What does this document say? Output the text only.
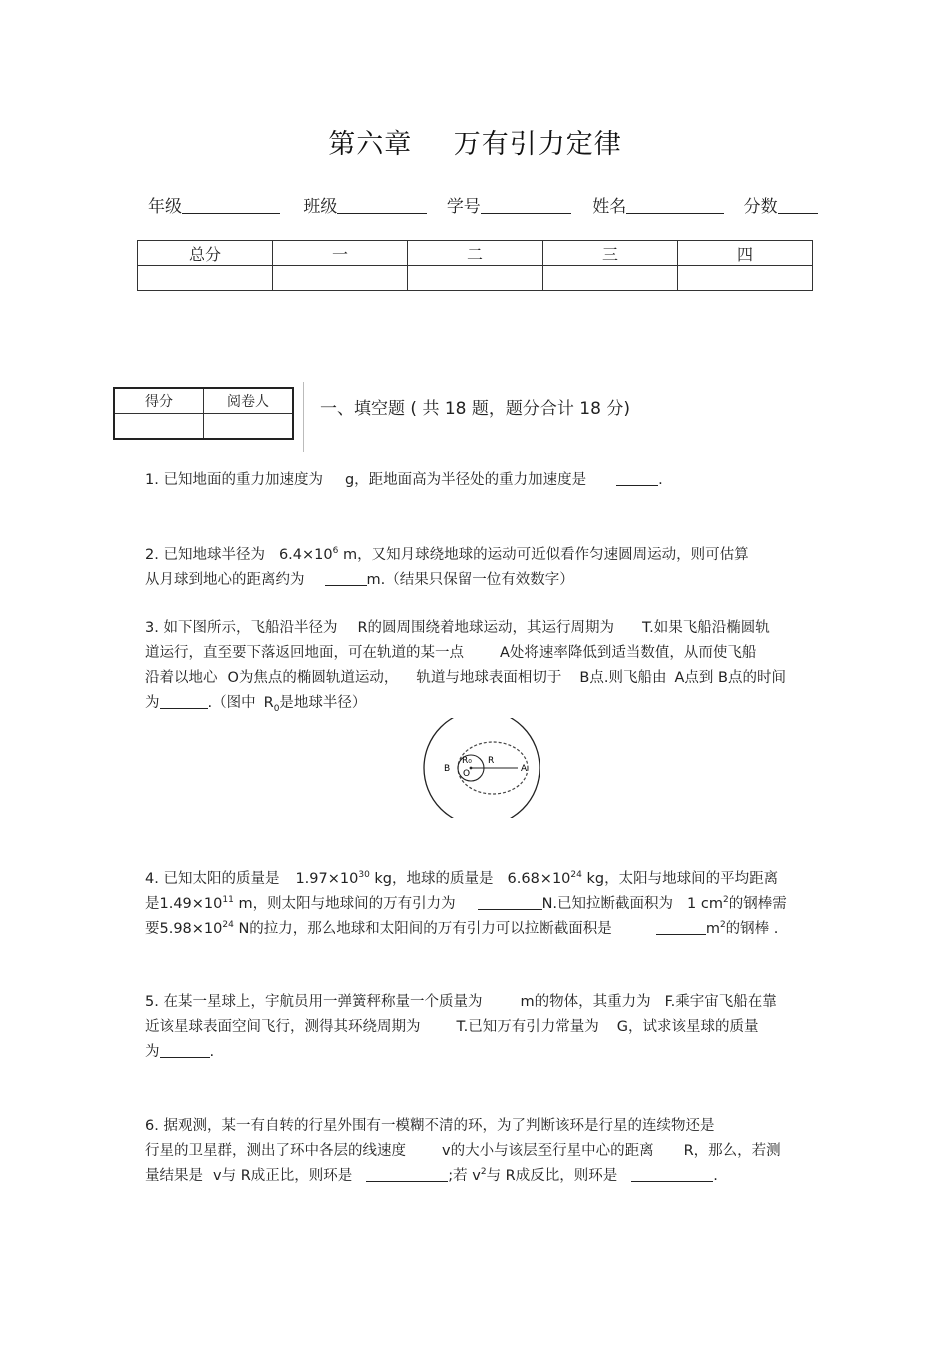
第六章 万有引力定律
年级	班级	学号	姓名	分数
总分	一	二	三	四

得分	阅卷人
		一、填空题 ( 共 18 题，题分合计 18 分)
1. 已知地面的重力加速度为 g，距地面高为半径处的重力加速度是	.
2. 已知地球半径为 $6.4\times 10^6$ m，又知月球绕地球的运动可近似看作匀速圆周运动，则可估算
从月球到地心的距离约为	m.（结果只保留一位有效数字）
3. 如下图所示，飞船沿半径为 R的圆周围绕着地球运动，其运行周期为 T.如果飞船沿椭圆轨
道运行，直至要下落返回地面，可在轨道的某一点 A处将速率降低到适当数值，从而使飞船
沿着以地心 O为焦点的椭圆轨道运动， 轨道与地球表面相切于 B点.则飞船由 A点到 B点的时间
为	.（图中 $R_0$是地球半径）
B
R₀
O
R
A
4. 已知太阳的质量是 $1.97\times 10^{30}$ kg，地球的质量是 $6.68\times 10^{24}$ kg，太阳与地球间的平均距离
是$1.49\times 10^{11}$ m，则太阳与地球间的万有引力为	N.已知拉断截面积为 1 $cm^2$的钢棒需
要$5.98\times 10^{24}$ N的拉力，那么地球和太阳间的万有引力可以拉断截面积是	$m^2$的钢棒 .
5. 在某一星球上，宇航员用一弹簧秤称量一个质量为	m的物体，其重力为 F.乘宇宙飞船在靠
近该星球表面空间飞行，测得其环绕周期为 T.已知万有引力常量为 G，试求该星球的质量
为	.
6. 据观测，某一有自转的行星外围有一模糊不清的环，为了判断该环是行星的连续物还是
行星的卫星群，测出了环中各层的线速度 v的大小与该层至行星中心的距离 R，那么，若测
量结果是 v与 R成正比，则环是	;若 $v^2$与 R成反比，则环是	.
